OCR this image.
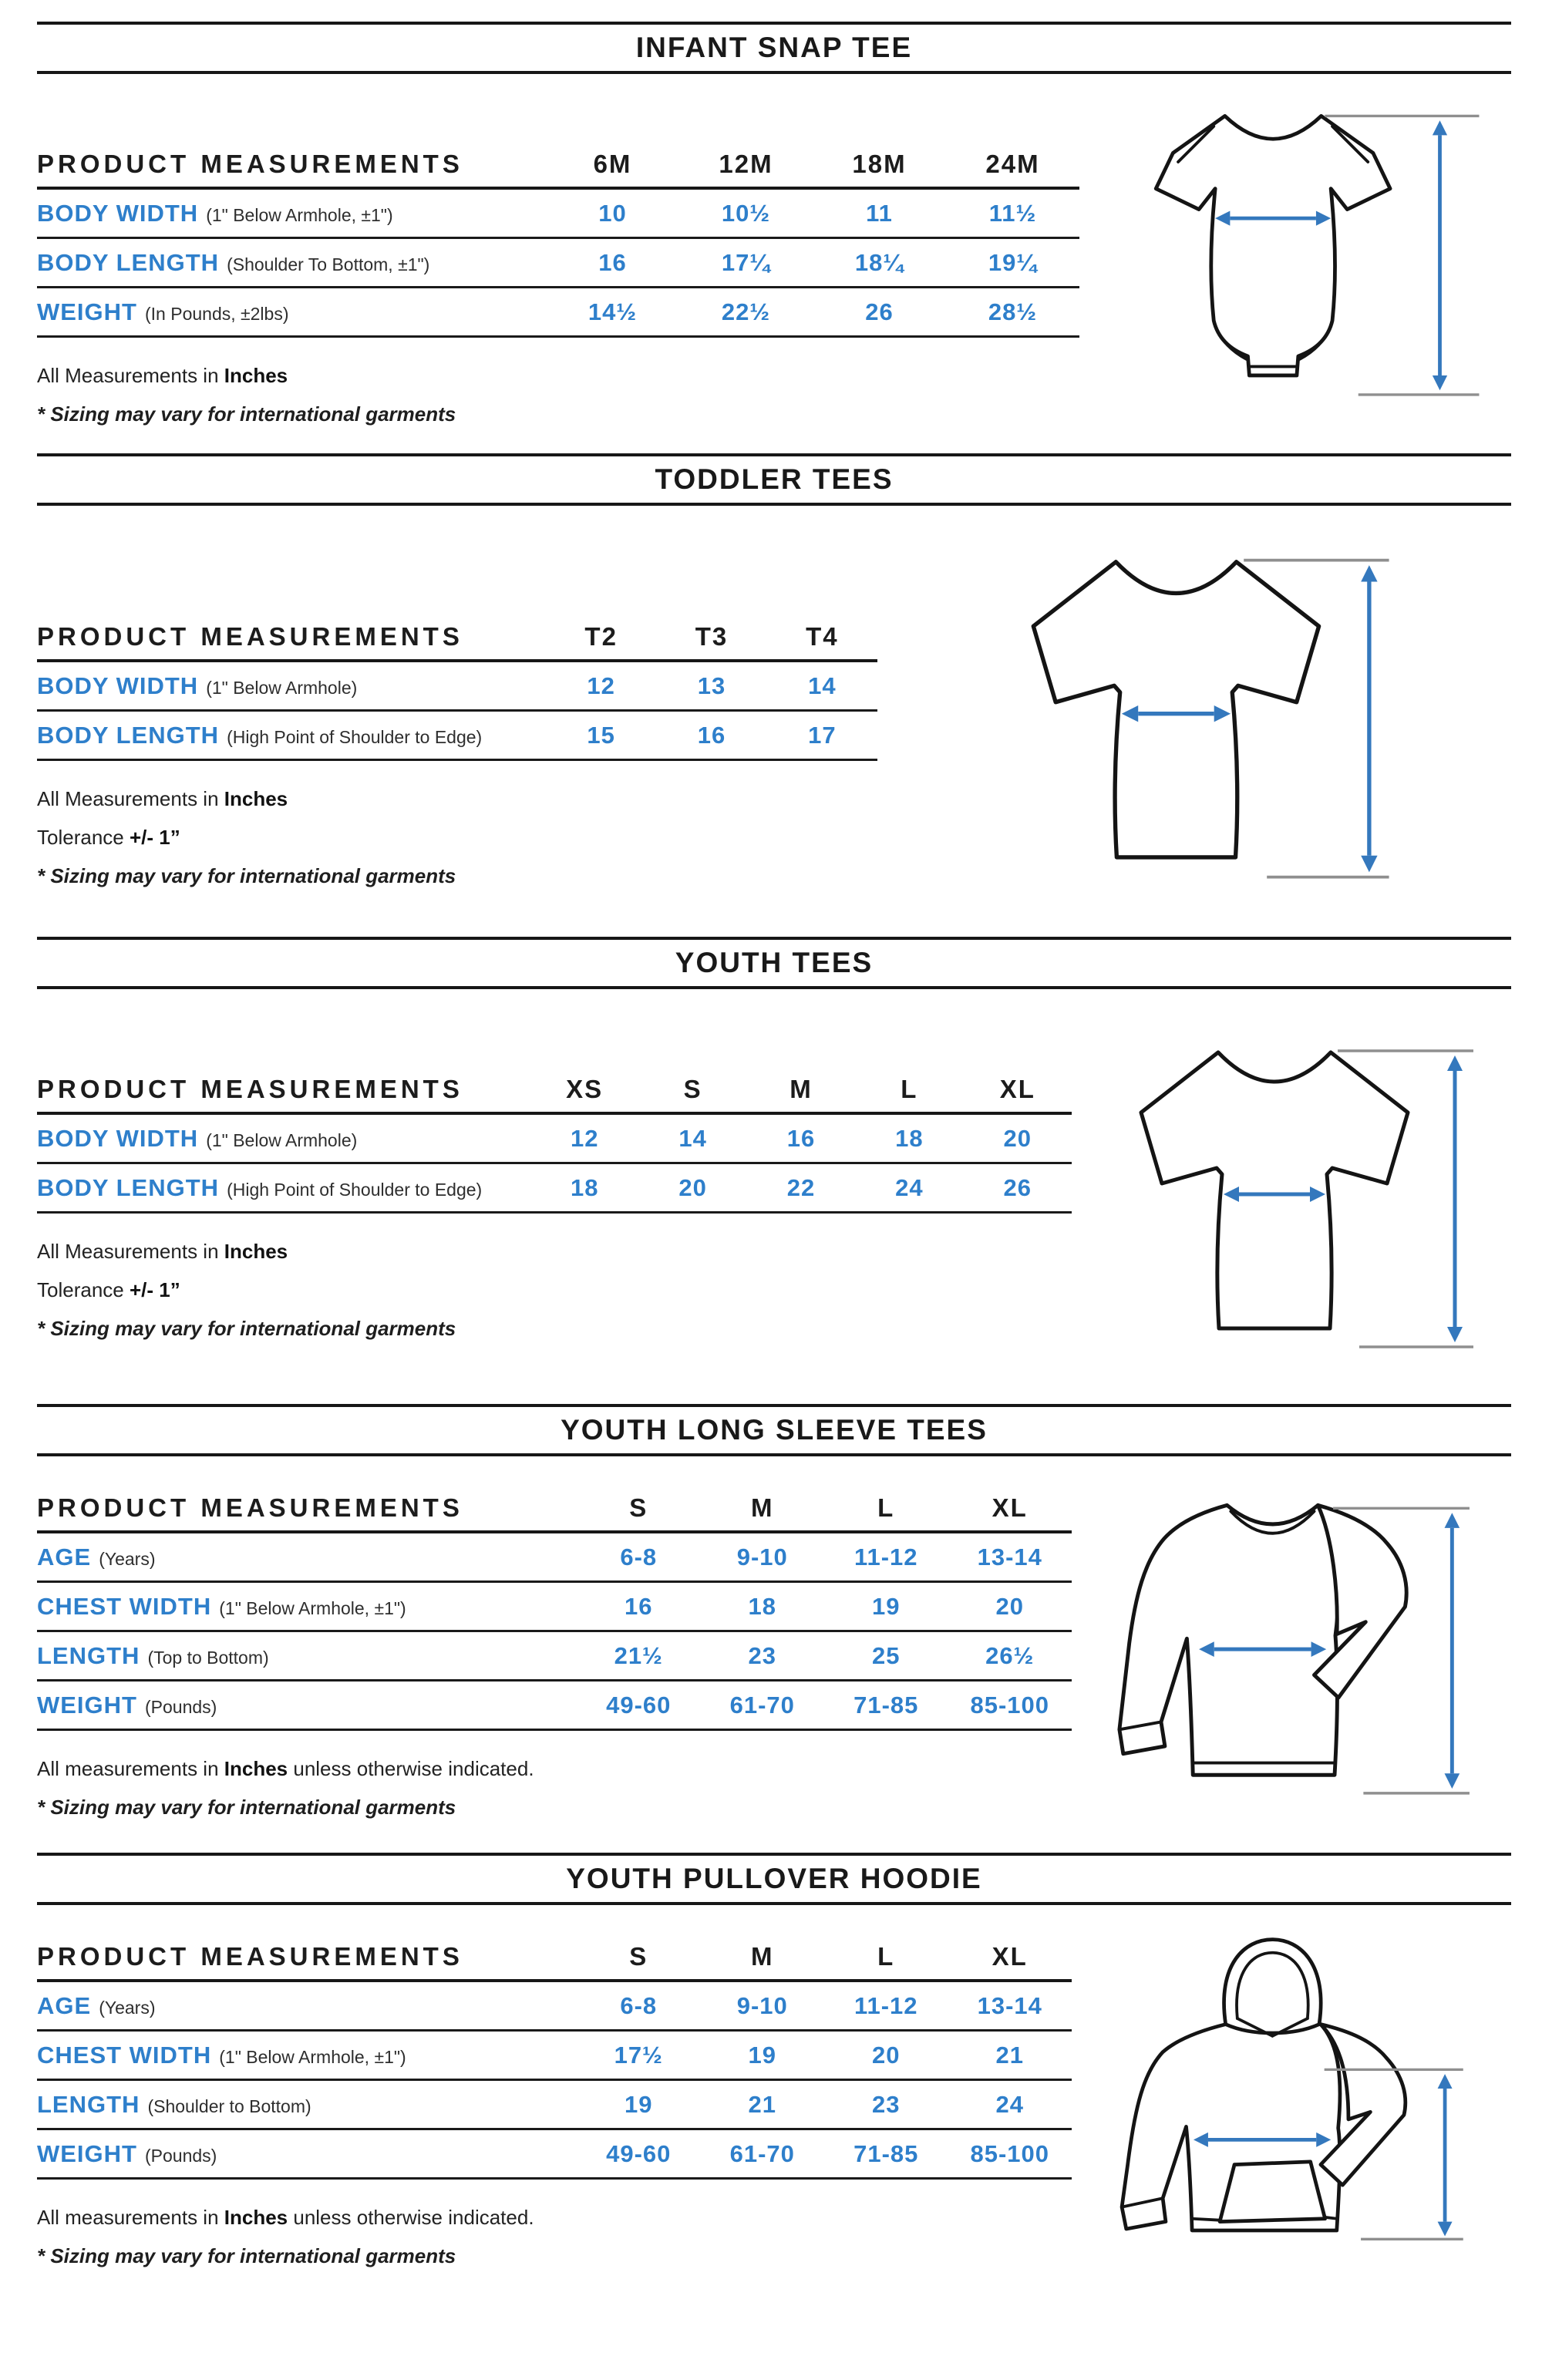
INFANT SNAP TEE
PRODUCT MEASUREMENTS	6M	12M	18M	24M
BODY WIDTH (1" Below Armhole, ±1")	10	10½	11	11½
BODY LENGTH (Shoulder To Bottom, ±1")	16	17¼	18¼	19¼
WEIGHT (In Pounds, ±2lbs)	14½	22½	26	28½

All Measurements in Inches

* Sizing may vary for international garments

TODDLER TEES
PRODUCT MEASUREMENTS	T2	T3	T4
BODY WIDTH (1" Below Armhole)	12	13	14
BODY LENGTH (High Point of Shoulder to Edge)	15	16	17

All Measurements in Inches

Tolerance +/- 1”

* Sizing may vary for international garments

YOUTH TEES
PRODUCT MEASUREMENTS	XS	S	M	L	XL
BODY WIDTH (1" Below Armhole)	12	14	16	18	20
BODY LENGTH (High Point of Shoulder to Edge)	18	20	22	24	26

All Measurements in Inches

Tolerance +/- 1”

* Sizing may vary for international garments

YOUTH LONG SLEEVE TEES
PRODUCT MEASUREMENTS	S	M	L	XL
AGE (Years)	6-8	9-10	11-12	13-14
CHEST WIDTH (1" Below Armhole, ±1")	16	18	19	20
LENGTH (Top to Bottom)	21½	23	25	26½
WEIGHT (Pounds)	49-60	61-70	71-85	85-100

All measurements in Inches unless otherwise indicated.

* Sizing may vary for international garments

YOUTH PULLOVER HOODIE
PRODUCT MEASUREMENTS	S	M	L	XL
AGE (Years)	6-8	9-10	11-12	13-14
CHEST WIDTH (1" Below Armhole, ±1")	17½	19	20	21
LENGTH (Shoulder to Bottom)	19	21	23	24
WEIGHT (Pounds)	49-60	61-70	71-85	85-100

All measurements in Inches unless otherwise indicated.

* Sizing may vary for international garments
